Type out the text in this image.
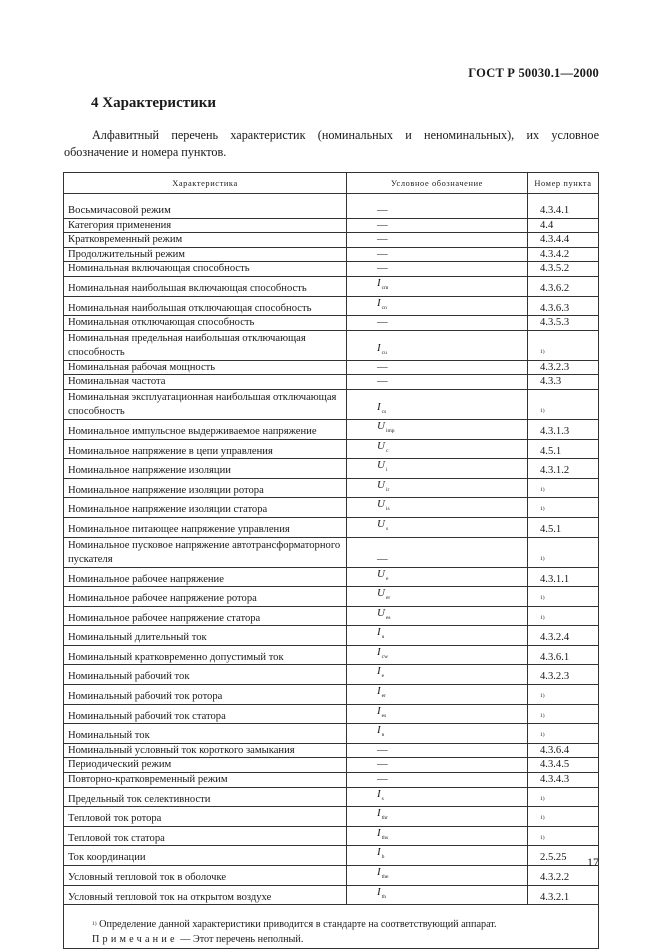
ГОСТ Р 50030.1—2000
4 Характеристики
Алфавитный перечень характеристик (номинальных и неноминальных), их условное обозначение и номера пунктов.
Характеристика	Условное обозначение	Номер пункта

Восьмичасовой режим	—	4.3.4.1
Категория применения	—	4.4
Кратковременный режим	—	4.3.4.4
Продолжительный режим	—	4.3.4.2
Номинальная включающая способность	—	4.3.5.2
Номинальная наибольшая включающая способность	$I_{cm}$	4.3.6.2
Номинальная наибольшая отключающая способность	$I_{cn}$	4.3.6.3
Номинальная отключающая способность	—	4.3.5.3
Номинальная предельная наибольшая отключающая способность	$I_{cu}$	1)
Номинальная рабочая мощность	—	4.3.2.3
Номинальная частота	—	4.3.3
Номинальная эксплуатационная наибольшая отключающая способность	$I_{cs}$	1)
Номинальное импульсное выдерживаемое напряжение	$U_{imp}$	4.3.1.3
Номинальное напряжение в цепи управления	$U_c$	4.5.1
Номинальное напряжение изоляции	$U_i$	4.3.1.2
Номинальное напряжение изоляции ротора	$U_{ir}$	1)
Номинальное напряжение изоляции статора	$U_{is}$	1)
Номинальное питающее напряжение управления	$U_s$	4.5.1
Номинальное пусковое напряжение автотрансформаторного пускателя	—	1)
Номинальное рабочее напряжение	$U_e$	4.3.1.1
Номинальное рабочее напряжение ротора	$U_{er}$	1)
Номинальное рабочее напряжение статора	$U_{es}$	1)
Номинальный длительный ток	$I_u$	4.3.2.4
Номинальный кратковременно допустимый ток	$I_{cw}$	4.3.6.1
Номинальный рабочий ток	$I_e$	4.3.2.3
Номинальный рабочий ток ротора	$I_{er}$	1)
Номинальный рабочий ток статора	$I_{es}$	1)
Номинальный ток	$I_n$	1)
Номинальный условный ток короткого замыкания	—	4.3.6.4
Периодический режим	—	4.3.4.5
Повторно-кратковременный режим	—	4.3.4.3
Предельный ток селективности	$I_s$	1)
Тепловой ток ротора	$I_{thr}$	1)
Тепловой ток статора	$I_{ths}$	1)
Ток координации	$I_b$	2.5.25
Условный тепловой ток в оболочке	$I_{the}$	4.3.2.2
Условный тепловой ток на открытом воздухе	$I_{th}$	4.3.2.1
1) Определение данной характеристики приводится в стандарте на соответствующий аппарат.
Примечание — Этот перечень неполный.
17
